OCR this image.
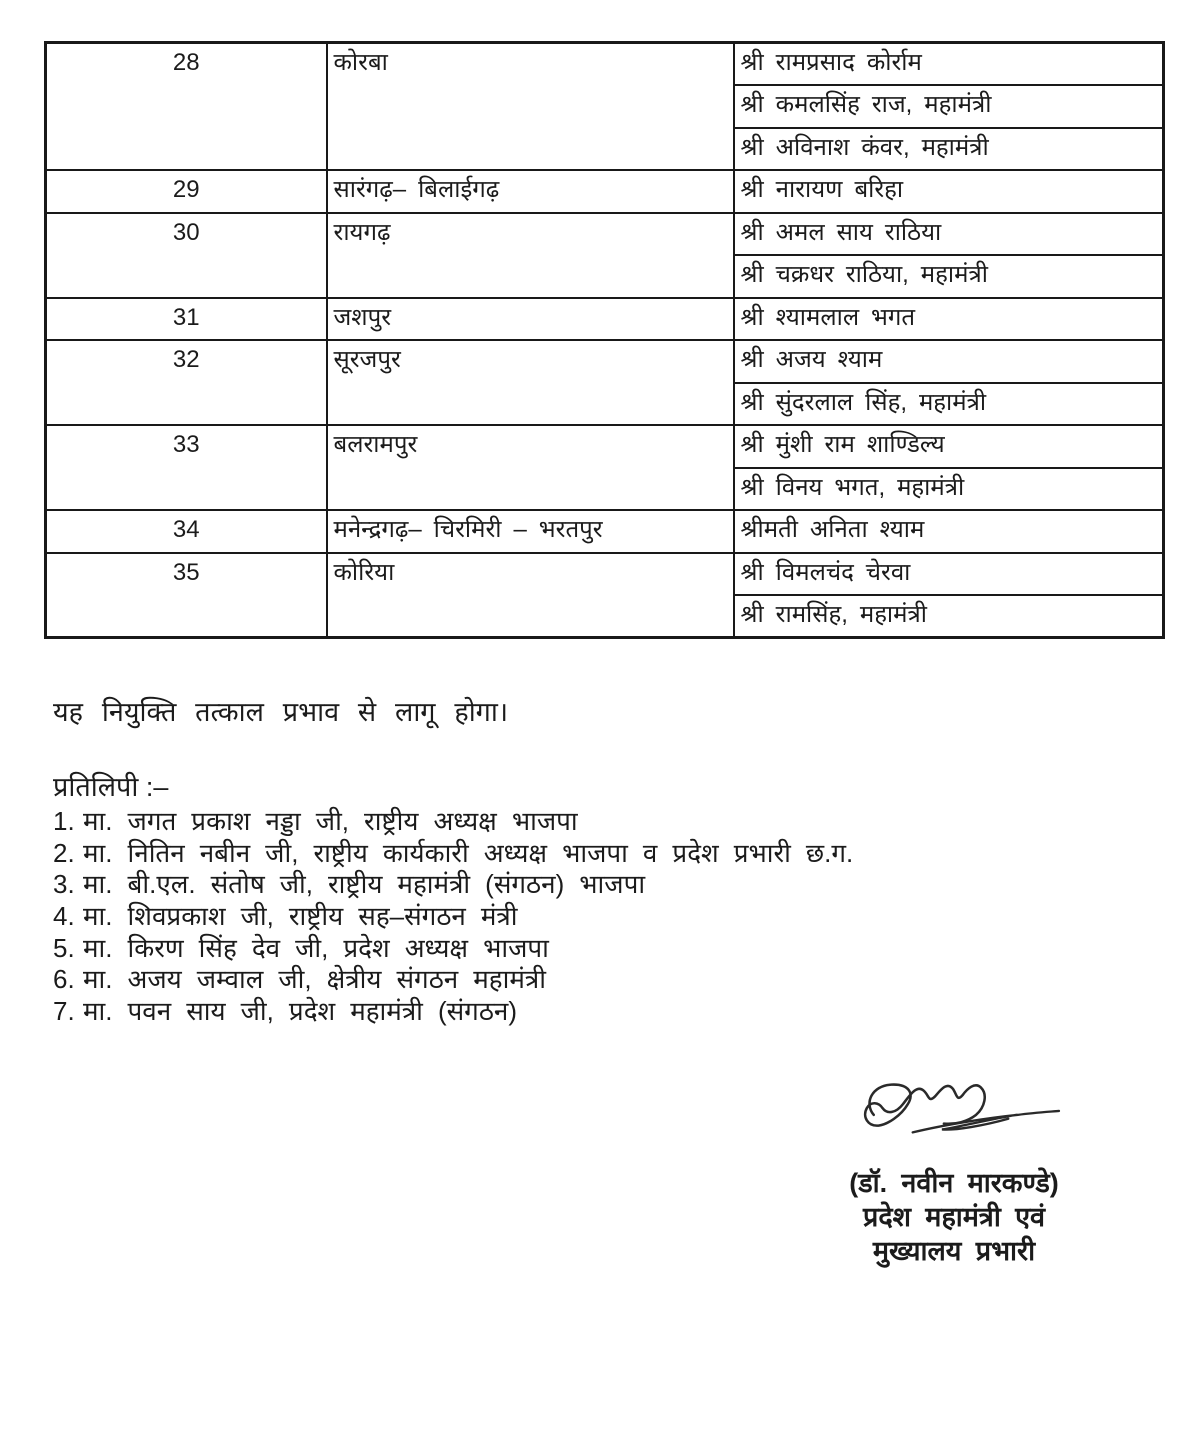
28	कोरबा	श्री रामप्रसाद कोर्राम
		श्री कमलसिंह राज, महामंत्री
		श्री अविनाश कंवर, महामंत्री
29	सारंगढ़– बिलाईगढ़	श्री नारायण बरिहा
30	रायगढ़	श्री अमल साय राठिया
		श्री चक्रधर राठिया, महामंत्री
31	जशपुर	श्री श्यामलाल भगत
32	सूरजपुर	श्री अजय श्याम
		श्री सुंदरलाल सिंह, महामंत्री
33	बलरामपुर	श्री मुंशी राम शाण्डिल्य
		श्री विनय भगत, महामंत्री
34	मनेन्द्रगढ़– चिरमिरी – भरतपुर	श्रीमती अनिता श्याम
35	कोरिया	श्री विमलचंद चेरवा
		श्री रामसिंह, महामंत्री

यह नियुक्ति तत्काल प्रभाव से लागू होगा।

प्रतिलिपी :–

1. मा. जगत प्रकाश नड्डा जी, राष्ट्रीय अध्यक्ष भाजपा
2. मा. नितिन नबीन जी, राष्ट्रीय कार्यकारी अध्यक्ष भाजपा व प्रदेश प्रभारी छ.ग.
3. मा. बी.एल. संतोष जी, राष्ट्रीय महामंत्री (संगठन) भाजपा
4. मा. शिवप्रकाश जी, राष्ट्रीय सह–संगठन मंत्री
5. मा. किरण सिंह देव जी, प्रदेश अध्यक्ष भाजपा
6. मा. अजय जम्वाल जी, क्षेत्रीय संगठन महामंत्री
7. मा. पवन साय जी, प्रदेश महामंत्री (संगठन)
(डॉ. नवीन मारकण्डे)
प्रदेश महामंत्री एवं
मुख्यालय प्रभारी
